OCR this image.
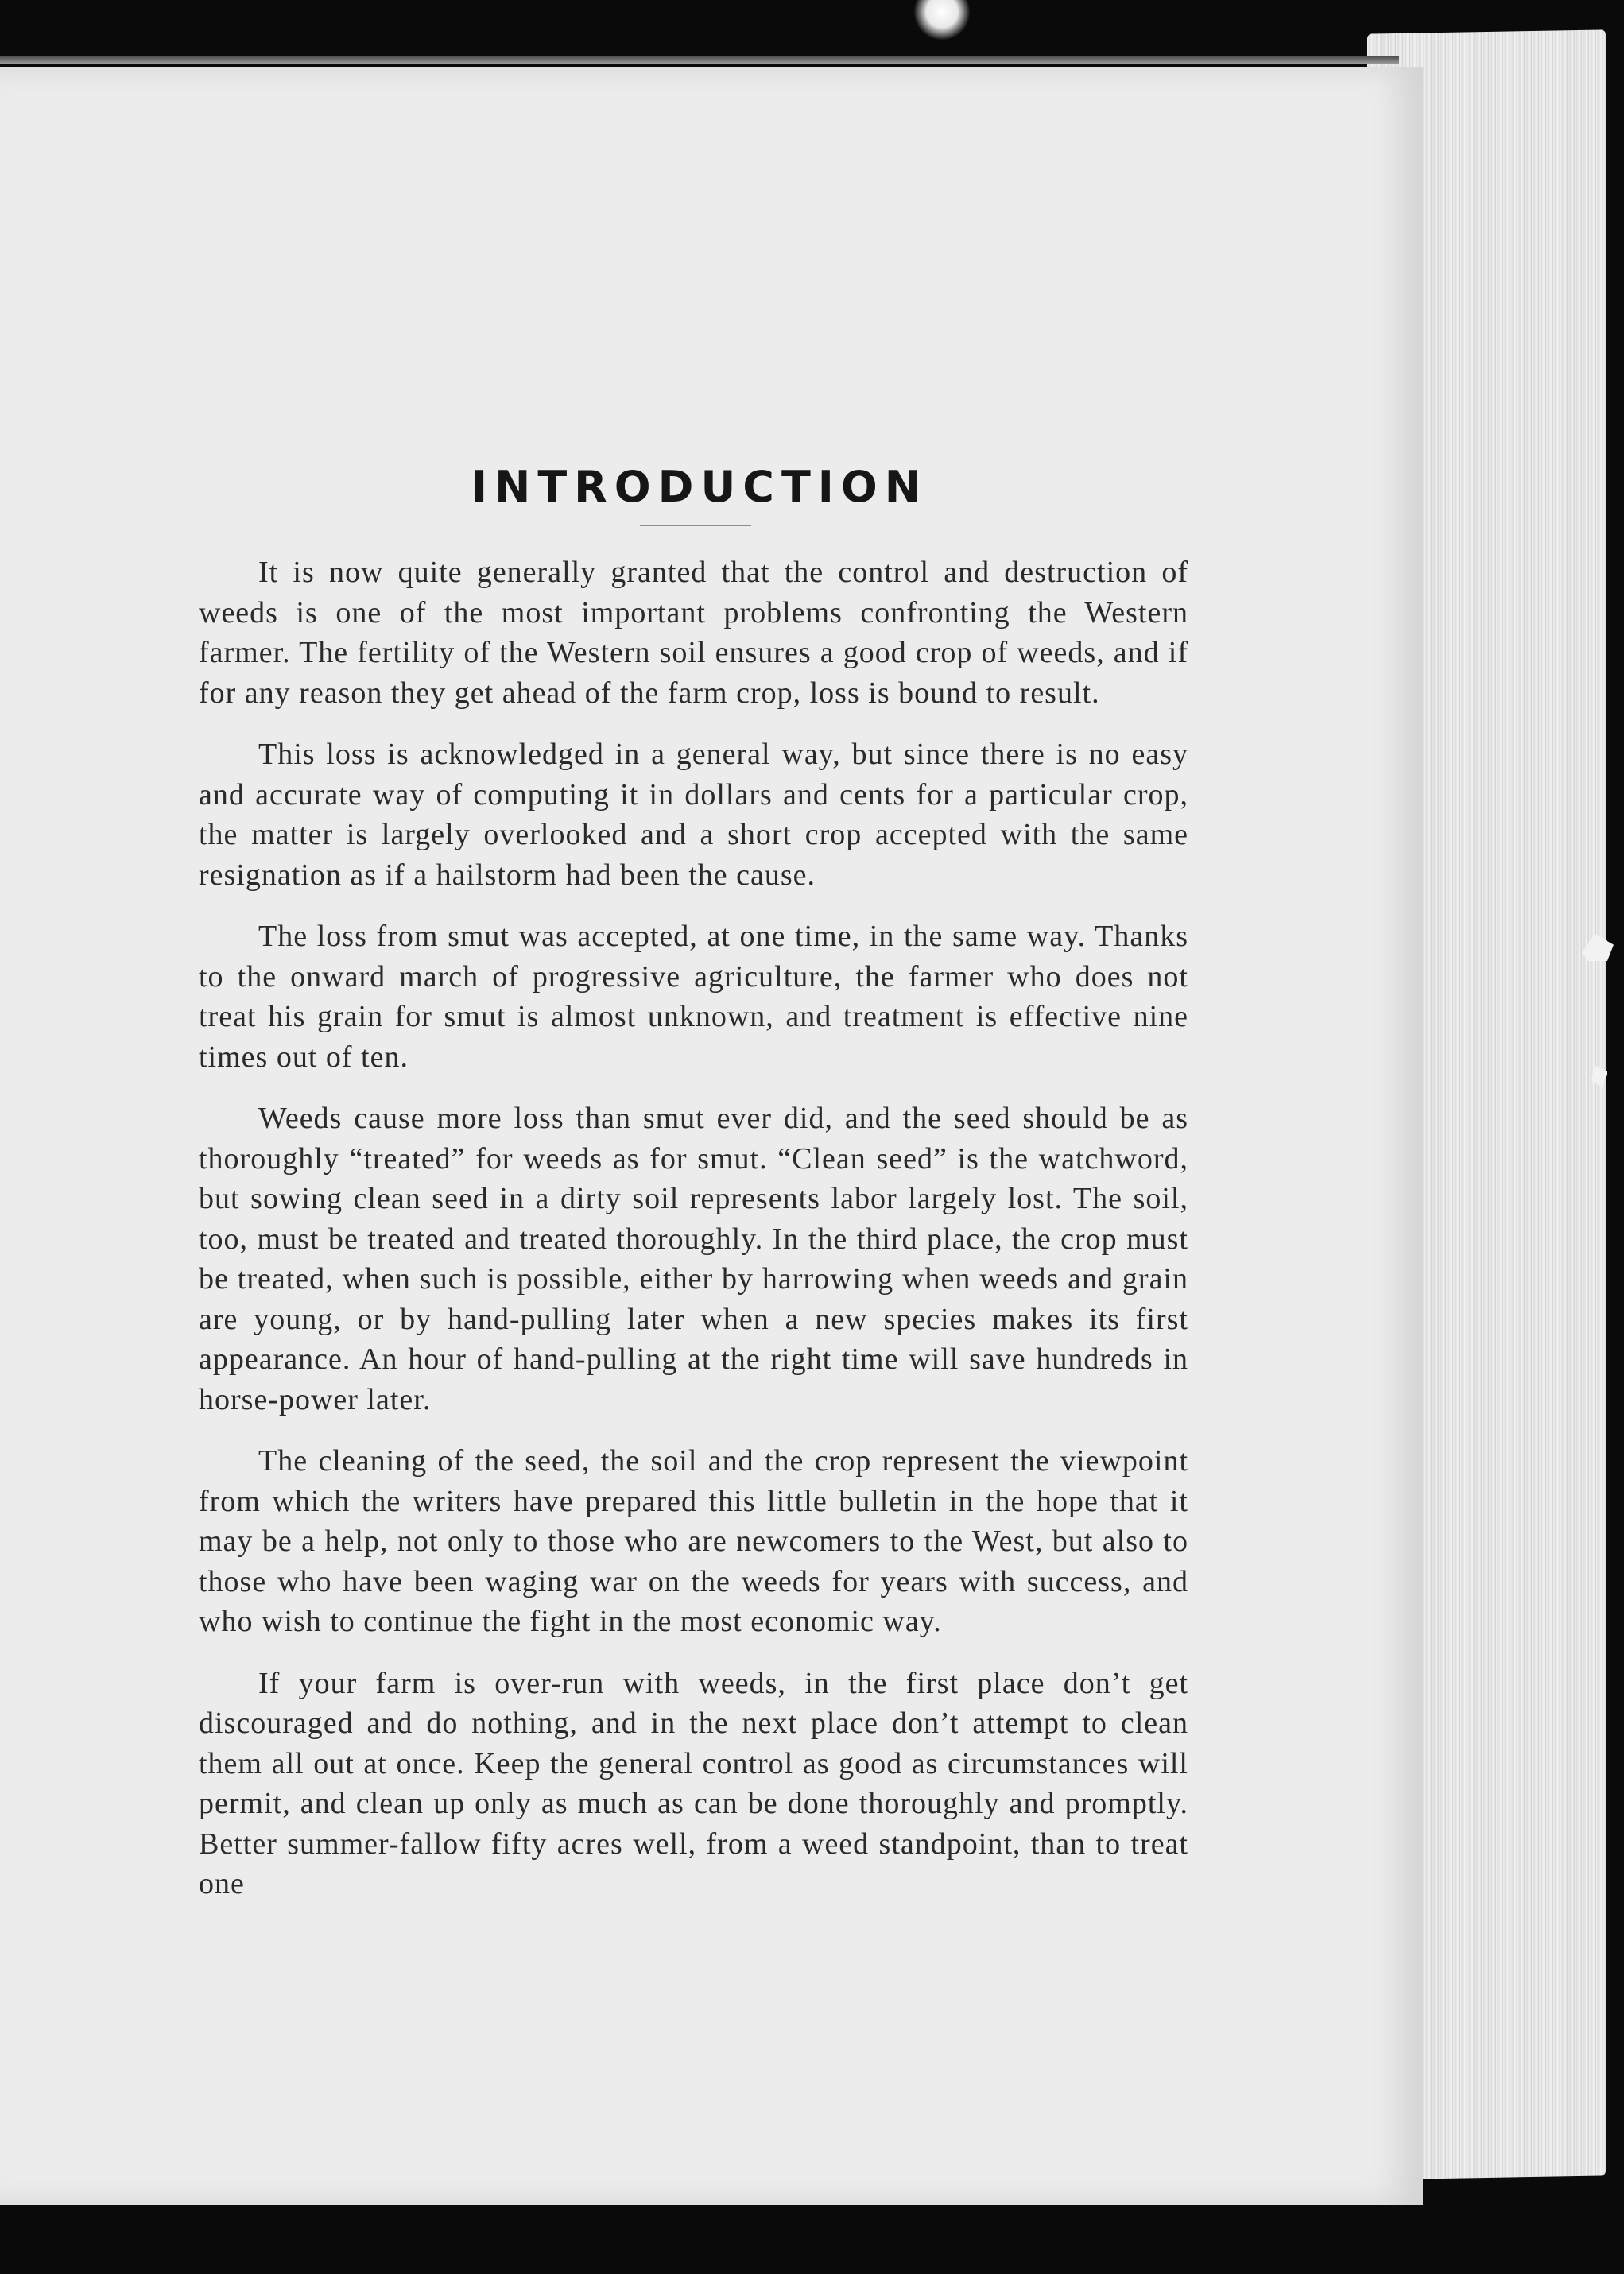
INTRODUCTION

It is now quite generally granted that the control and destruction of weeds is one of the most important problems confronting the Western farmer. The fertility of the Western soil ensures a good crop of weeds, and if for any reason they get ahead of the farm crop, loss is bound to result.

This loss is acknowledged in a general way, but since there is no easy and accurate way of computing it in dollars and cents for a particular crop, the matter is largely overlooked and a short crop accepted with the same resignation as if a hailstorm had been the cause.

The loss from smut was accepted, at one time, in the same way. Thanks to the onward march of progressive agriculture, the farmer who does not treat his grain for smut is almost unknown, and treatment is effective nine times out of ten.

Weeds cause more loss than smut ever did, and the seed should be as thoroughly “treated” for weeds as for smut. “Clean seed” is the watchword, but sowing clean seed in a dirty soil represents labor largely lost. The soil, too, must be treated and treated thoroughly. In the third place, the crop must be treated, when such is possible, either by harrowing when weeds and grain are young, or by hand-pulling later when a new species makes its first appearance. An hour of hand-pulling at the right time will save hundreds in horse-power later.

The cleaning of the seed, the soil and the crop represent the viewpoint from which the writers have prepared this little bulletin in the hope that it may be a help, not only to those who are newcomers to the West, but also to those who have been waging war on the weeds for years with success, and who wish to continue the fight in the most economic way.

If your farm is over-run with weeds, in the first place don’t get discouraged and do nothing, and in the next place don’t attempt to clean them all out at once. Keep the general control as good as circumstances will permit, and clean up only as much as can be done thoroughly and promptly. Better summer-fallow fifty acres well, from a weed standpoint, than to treat one
